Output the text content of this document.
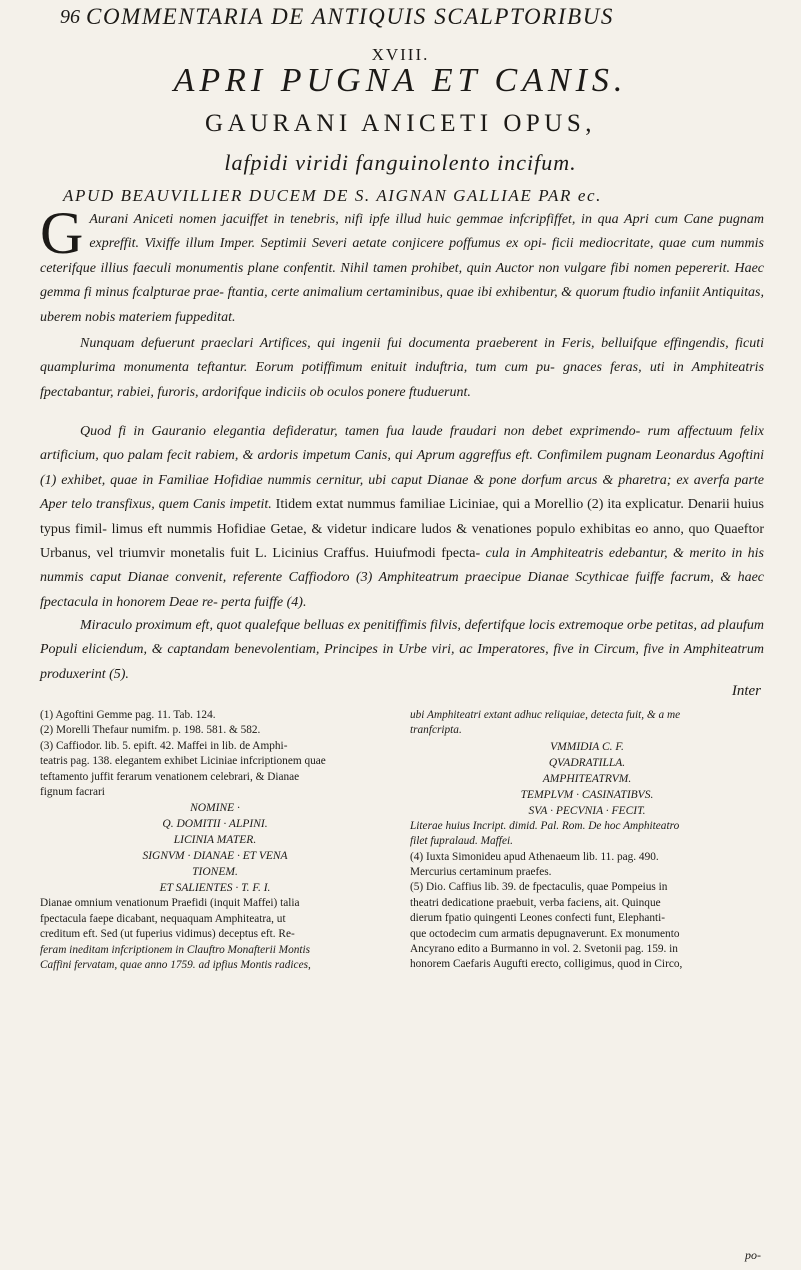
96 COMMENTARIA DE ANTIQUIS SCALPTORIBUS
XVIII.
APRI PUGNA ET CANIS.
GAURANI ANICETI OPUS,
lafpidi viridi fanguinolento incifum.
APUD BEAUVILLIER DUCEM DE S. AIGNAN GALLIAE PAR ec.
G Aurani Aniceti nomen jacuiffet in tenebris, nifi ipfe illud huic gemmae infcripfiffet, in qua Apri cum Cane pugnam expreffit. Vixiffe illum Imper. Septimii Severi aetate conjicere poffumus ex opi- ficii mediocritate, quae cum nummis ceterifque illius faeculi monumentis plane confentit. Nihil tamen prohibet, quin Auctor non vulgare fibi nomen pepererit. Haec gemma fi minus fcalpturae prae- ftantia, certe animalium certaminibus, quae ibi exhibentur, & quorum ftudio infaniit Antiquitas, uberem nobis materiem fuppeditat.
Nunquam defuerunt praeclari Artifices, qui ingenii fui documenta praeberent in Feris, belluifque effingendis, ficuti quamplurima monumenta teftantur. Eorum potiffimum enituit induftria, tum cum pu- gnaces feras, uti in Amphiteatris fpectabantur, rabiei, furoris, ardorifque indiciis ob oculos ponere ftuduerunt.
Quod fi in Gauranio elegantia defideratur, tamen fua laude fraudari non debet exprimendo- rum affectuum felix artificium, quo palam fecit rabiem, & ardoris impetum Canis, qui Aprum aggreffus eft. Confimilem pugnam Leonardus Agoftini (1) exhibet, quae in Familiae Hofidiae nummis cernitur, ubi caput Dianae & pone dorfum arcus & pharetra; ex averfa parte Aper telo transfixus, quem Canis impetit. Itidem extat nummus familiae Liciniae, qui a Morellio (2) ita explicatur. Denarii huius typus fimil- limus eft nummis Hofidiae Getae, & videtur indicare ludos & venationes populo exhibitas eo anno, quo Quaeftor Urbanus, vel triumvir monetalis fuit L. Licinius Craffus. Huiufmodi fpecta- cula in Amphiteatris edebantur, & merito in his nummis caput Dianae convenit, referente Caffiodoro (3) Amphiteatrum praecipue Dianae Scythicae fuiffe facrum, & haec fpectacula in honorem Deae re- perta fuiffe (4).
Miraculo proximum eft, quot qualefque belluas ex penitiffimis filvis, defertifque locis extremoque orbe petitas, ad plaufum Populi eliciendum, & captandam benevolentiam, Principes in Urbe viri, ac Imperatores, five in Circum, five in Amphiteatrum produxerint (5).
Inter
(1) Agoftini Gemme pag. 11. Tab. 124.
(2) Morelli Thefaur numifm. p. 198. 581. & 582.
(3) Caffiodor. lib. 5. epift. 42. Maffei in lib. de Amphi-
teatris pag. 138. elegantem exhibet Liciniae infcriptionem quae
teftamento juffit ferarum venationem celebrari, & Dianae
fignum facrari
NOMINE ·
Q. DOMITII · ALPINI.
LICINIA MATER.
SIGNVM · DIANAE · ET VENA
TIONEM.
ET SALIENTES · T. F. I.
Dianae omnium venationum Praefidi (inquit Maffei) talia
fpectacula faepe dicabant, nequaquam Amphiteatra, ut
creditum eft. Sed (ut fuperius vidimus) deceptus eft. Re-
feram ineditam infcriptionem in Clauftro Monafterii Montis
Caffini fervatam, quae anno 1759. ad ipfius Montis radices,
ubi Amphiteatri extant adhuc reliquiae, detecta fuit, & a me
tranfcripta.
VMMIDIA C. F.
QVADRATILLA.
AMPHITEATRVM.
TEMPLVM · CASINATIBVS.
SVA · PECVNIA · FECIT.
Literae huius Incript. dimid. Pal. Rom. De hoc Amphiteatro
filet fupralaud. Maffei.
(4) Iuxta Simonideu apud Athenaeum lib. 11. pag. 490.
Mercurius certaminum praefes.
(5) Dio. Caffius lib. 39. de fpectaculis, quae Pompeius in
theatri dedicatione praebuit, verba faciens, ait. Quinque
dierum fpatio quingenti Leones confecti funt, Elephanti-
que octodecim cum armatis depugnaverunt. Ex monumento
Ancyrano edito a Burmanno in vol. 2. Svetonii pag. 159. in
honorem Caefaris Augufti erecto, colligimus, quod in Circo,
po-
